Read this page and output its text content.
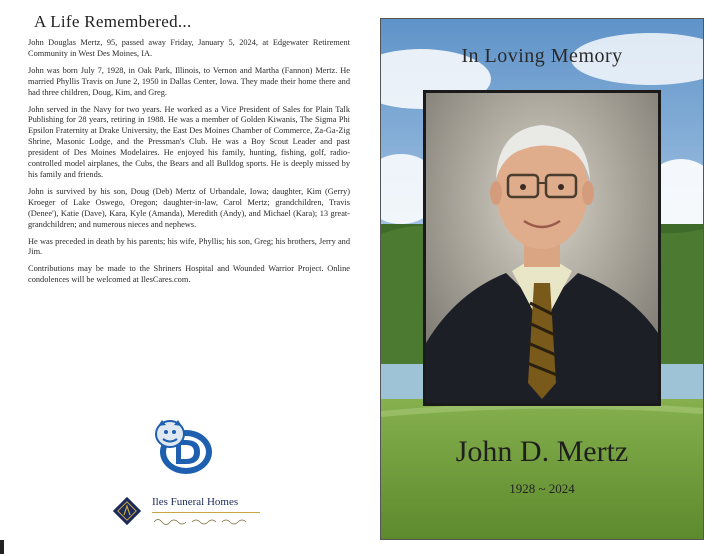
A Life Remembered...

John Douglas Mertz, 95, passed away Friday, January 5, 2024, at Edgewater Retirement Community in West Des Moines, IA.

John was born July 7, 1928, in Oak Park, Illinois, to Vernon and Martha (Fannon) Mertz. He married Phyllis Travis on June 2, 1950 in Dallas Center, Iowa. They made their home there and had three children, Doug, Kim, and Greg.

John served in the Navy for two years. He worked as a Vice President of Sales for Plain Talk Publishing for 28 years, retiring in 1988. He was a member of Golden Kiwanis, The Sigma Phi Epsilon Fraternity at Drake University, the East Des Moines Chamber of Commerce, Za-Ga-Zig Shrine, Masonic Lodge, and the Pressman's Club. He was a Boy Scout Leader and past president of Des Moines Modelaires. He enjoyed his family, hunting, fishing, golf, radio-controlled model airplanes, the Cubs, the Bears and all Bulldog sports. He is deeply missed by his family and friends.

John is survived by his son, Doug (Deb) Mertz of Urbandale, Iowa; daughter, Kim (Gerry) Kroeger of Lake Oswego, Oregon; daughter-in-law, Carol Mertz; grandchildren, Travis (Denee'), Katie (Dave), Kara, Kyle (Amanda), Meredith (Andy), and Michael (Kara); 13 great-grandchildren; and numerous nieces and nephews.

He was preceded in death by his parents; his wife, Phyllis; his son, Greg; his brothers, Jerry and Jim.

Contributions may be made to the Shriners Hospital and Wounded Warrior Project. Online condolences will be welcomed at IlesCares.com.

Iles Funeral Homes
In Loving Memory
John D. Mertz
1928 ~ 2024
